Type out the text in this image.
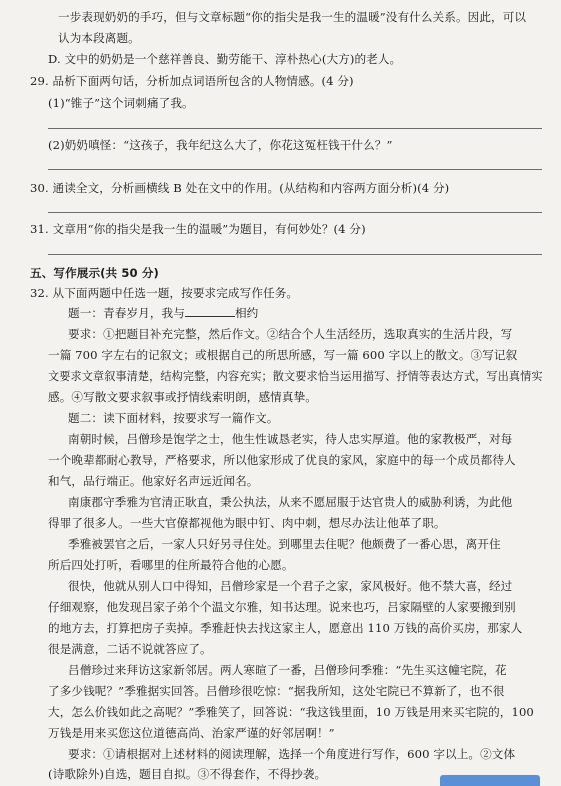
一步表现奶奶的手巧，但与文章标题“你的指尖是我一生的温暖”没有什么关系。因此，可以
认为本段离题。
D. 文中的奶奶是一个慈祥善良、勤劳能干、淳朴热心(大方)的老人。
29. 品析下面两句话，分析加点词语所包含的人物情感。(4 分)
(1)“锥子”这个词刺痛了我。
(2)奶奶嗔怪：“这孩子，我年纪这么大了，你花这冤枉钱干什么？”
30. 通读全文，分析画横线 B 处在文中的作用。(从结构和内容两方面分析)(4 分)
31. 文章用“你的指尖是我一生的温暖”为题目，有何妙处？(4 分)
五、写作展示(共 50 分)
32. 从下面两题中任选一题，按要求完成写作任务。
题一：青春岁月，我与	相约
要求：①把题目补充完整，然后作文。②结合个人生活经历，选取真实的生活片段，写
一篇 700 字左右的记叙文；或根据自己的所思所感，写一篇 600 字以上的散文。③写记叙
文要求文章叙事清楚，结构完整，内容充实；散文要求恰当运用描写、抒情等表达方式，写出真情实
感。④写散文要求叙事或抒情线索明朗，感情真挚。
题二：读下面材料，按要求写一篇作文。
南朝时候，吕僧珍是饱学之士，他生性诚恳老实，待人忠实厚道。他的家教极严，对每
一个晚辈都耐心教导，严格要求，所以他家形成了优良的家风，家庭中的每一个成员都待人
和气，品行端正。他家好名声远近闻名。
南康郡守季雅为官清正耿直，秉公执法，从来不愿屈服于达官贵人的威胁利诱，为此他
得罪了很多人。一些大官僚都视他为眼中钉、肉中刺，想尽办法让他革了职。
季雅被罢官之后，一家人只好另寻住处。到哪里去住呢？他颇费了一番心思，离开住
所后四处打听，看哪里的住所最符合他的心愿。
很快，他就从别人口中得知，吕僧珍家是一个君子之家，家风极好。他不禁大喜，经过
仔细观察，他发现吕家子弟个个温文尔雅，知书达理。说来也巧，吕家隔壁的人家要搬到别
的地方去，打算把房子卖掉。季雅赶快去找这家主人，愿意出 110 万钱的高价买房，那家人
很是满意，二话不说就答应了。
吕僧珍过来拜访这家新邻居。两人寒暄了一番，吕僧珍问季雅：“先生买这幢宅院，花
了多少钱呢？”季雅据实回答。吕僧珍很吃惊：“据我所知，这处宅院已不算新了，也不很
大，怎么价钱如此之高呢？”季雅笑了，回答说：“我这钱里面，10 万钱是用来买宅院的，100
万钱是用来买您这位道德高尚、治家严谨的好邻居啊！”
要求：①请根据对上述材料的阅读理解，选择一个角度进行写作，600 字以上。②文体
(诗歌除外)自选，题目自拟。③不得套作，不得抄袭。
